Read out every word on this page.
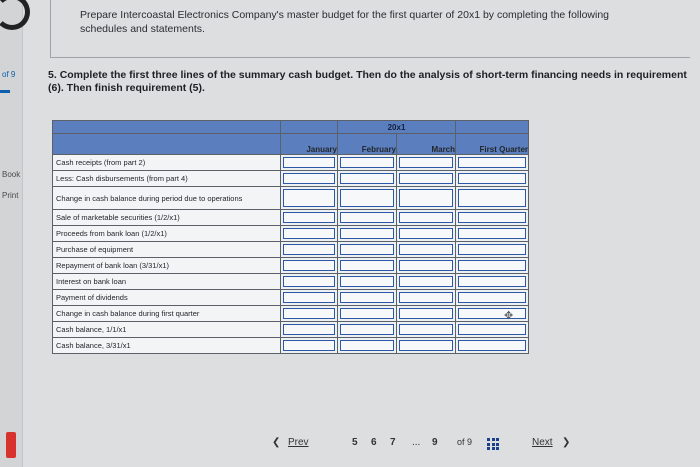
of 9
Book
Print
Prepare Intercoastal Electronics Company's master budget for the first quarter of 20x1 by completing the following
schedules and statements.
5. Complete the first three lines of the summary cash budget. Then do the analysis of short-term financing needs in requirement (6). Then finish requirement (5).
		20x1		
	January	February	March	First Quarter
Cash receipts (from part 2)	

Less: Cash disbursements (from part 4)	

Change in cash balance during period due to operations	

Sale of marketable securities (1/2/x1)	

Proceeds from bank loan (1/2/x1)	

Purchase of equipment	

Repayment of bank loan (3/31/x1)	

Interest on bank loan	

Payment of dividends	

Change in cash balance during first quarter				✥

Cash balance, 1/1/x1	

Cash balance, 3/31/x1	

❮ Prev	5 6 7 ... 9 of 9	Next ❯
